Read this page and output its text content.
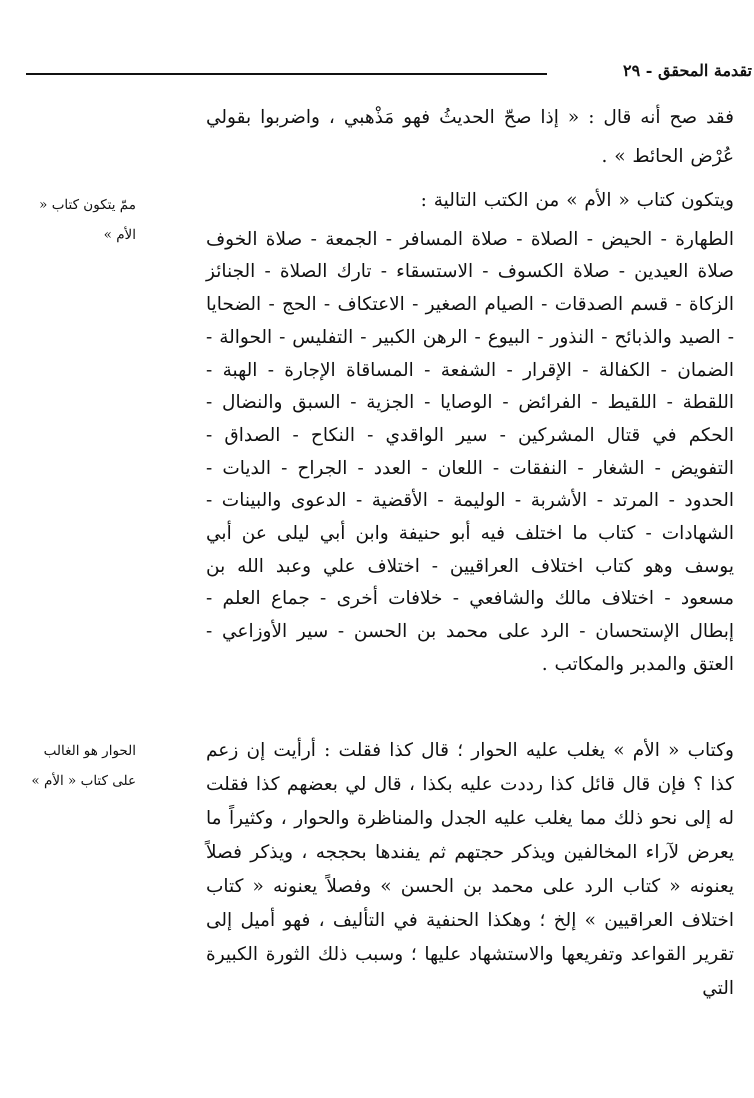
تقدمة المحقق - ٢٩

فقد صح أنه قال : « إذا صحّ الحديثُ فهو مَذْهبي ، واضربوا بقولي عُرْض الحائط » .

ويتكون كتاب « الأم » من الكتب التالية :

الطهارة - الحيض - الصلاة - صلاة المسافر - الجمعة - صلاة الخوف صلاة العيدين - صلاة الكسوف - الاستسقاء - تارك الصلاة - الجنائز الزكاة - قسم الصدقات - الصيام الصغير - الاعتكاف - الحج - الضحايا - الصيد والذبائح - النذور - البيوع - الرهن الكبير - التفليس - الحوالة - الضمان - الكفالة - الإقرار - الشفعة - المساقاة الإجارة - الهبة - اللقطة - اللقيط - الفرائض - الوصايا - الجزية - السبق والنضال - الحكم في قتال المشركين - سير الواقدي - النكاح - الصداق - التفويض - الشغار - النفقات - اللعان - العدد - الجراح - الديات - الحدود - المرتد - الأشربة - الوليمة - الأقضية - الدعوى والبينات - الشهادات - كتاب ما اختلف فيه أبو حنيفة وابن أبي ليلى عن أبي يوسف وهو كتاب اختلاف العراقيين - اختلاف علي وعبد الله بن مسعود - اختلاف مالك والشافعي - خلافات أخرى - جماع العلم - إبطال الإستحسان - الرد على محمد بن الحسن - سير الأوزاعي - العتق والمدبر والمكاتب .

وكتاب « الأم » يغلب عليه الحوار ؛ قال كذا فقلت : أرأيت إن زعم كذا ؟ فإن قال قائل كذا رددت عليه بكذا ، قال لي بعضهم كذا فقلت له إلى نحو ذلك مما يغلب عليه الجدل والمناظرة والحوار ، وكثيراً ما يعرض لآراء المخالفين ويذكر حجتهم ثم يفندها بحججه ، ويذكر فصلاً يعنونه « كتاب الرد على محمد بن الحسن » وفصلاً يعنونه « كتاب اختلاف العراقيين » إلخ ؛ وهكذا الحنفية في التأليف ، فهو أميل إلى تقرير القواعد وتفريعها والاستشهاد عليها ؛ وسبب ذلك الثورة الكبيرة التي

ممّ يتكون كتاب « الأم »
الحوار هو الغالب على كتاب « الأم »
